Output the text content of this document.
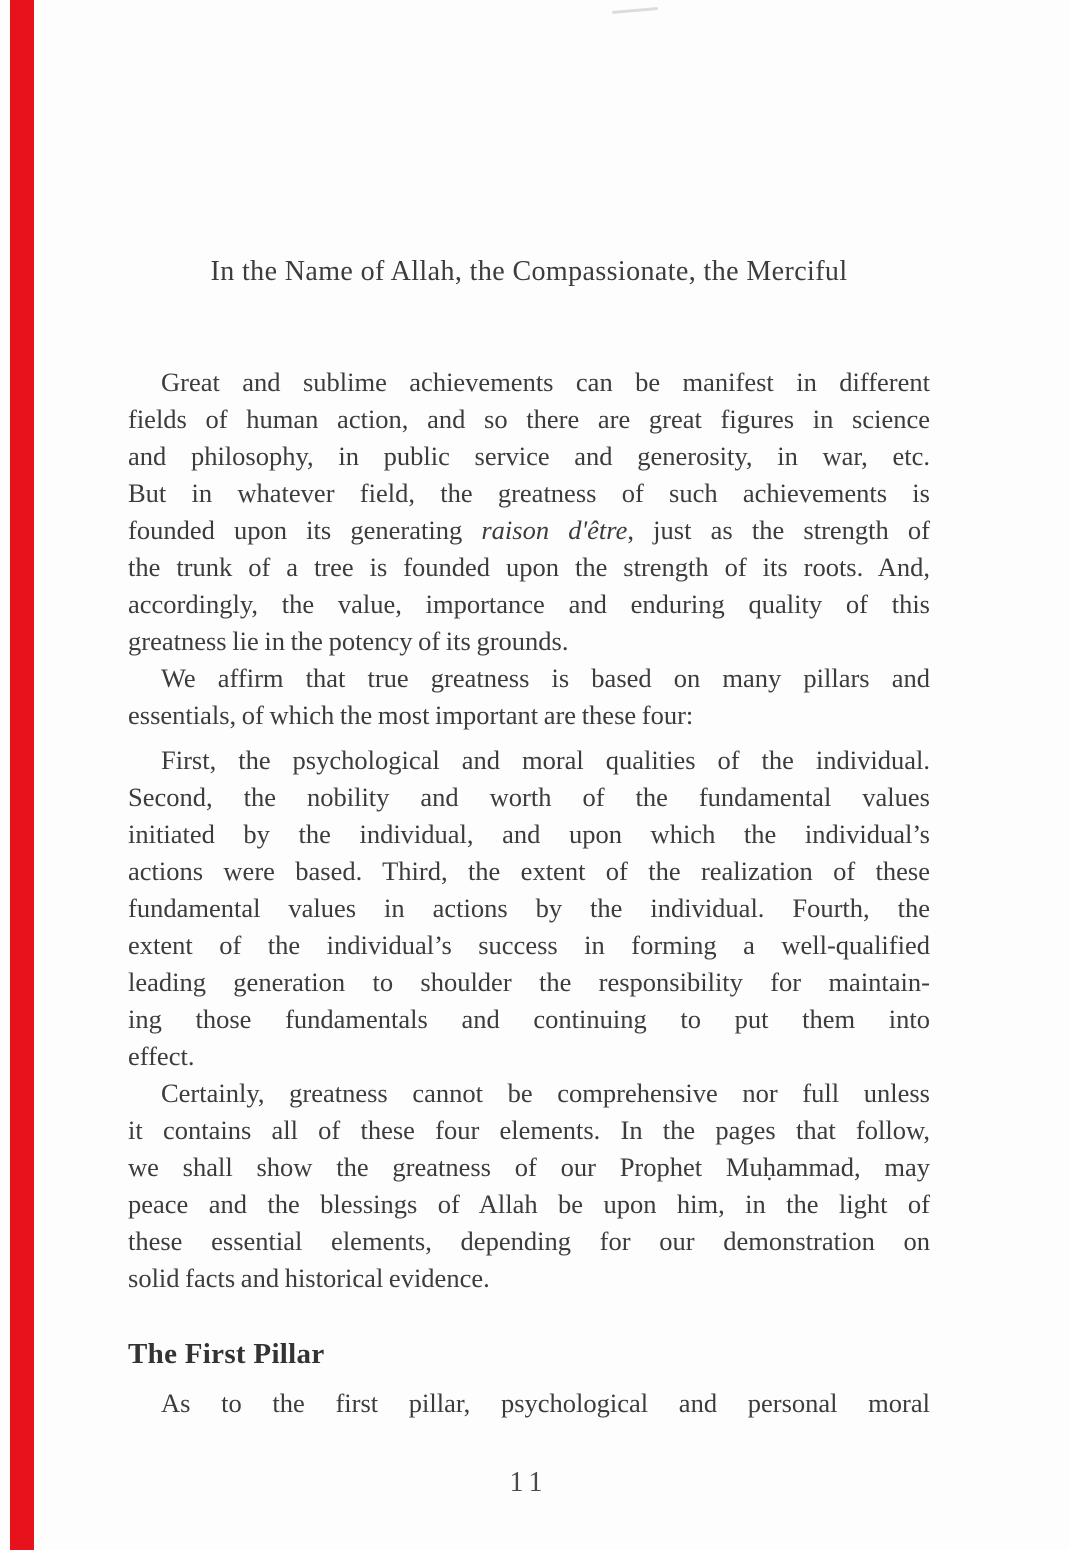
In the Name of Allah, the Compassionate, the Merciful
Great and sublime achievements can be manifest in different
fields of human action, and so there are great figures in science
and philosophy, in public service and generosity, in war, etc.
But in whatever field, the greatness of such achievements is
founded upon its generating raison d'être, just as the strength of
the trunk of a tree is founded upon the strength of its roots. And,
accordingly, the value, importance and enduring quality of this
greatness lie in the potency of its grounds.
We affirm that true greatness is based on many pillars and
essentials, of which the most important are these four:
First, the psychological and moral qualities of the individual.
Second, the nobility and worth of the fundamental values
initiated by the individual, and upon which the individual’s
actions were based. Third, the extent of the realization of these
fundamental values in actions by the individual. Fourth, the
extent of the individual’s success in forming a well-qualified
leading generation to shoulder the responsibility for maintain-
ing those fundamentals and continuing to put them into
effect.
Certainly, greatness cannot be comprehensive nor full unless
it contains all of these four elements. In the pages that follow,
we shall show the greatness of our Prophet Muḥammad, may
peace and the blessings of Allah be upon him, in the light of
these essential elements, depending for our demonstration on
solid facts and historical evidence.
The First Pillar
As to the first pillar, psychological and personal moral
11
